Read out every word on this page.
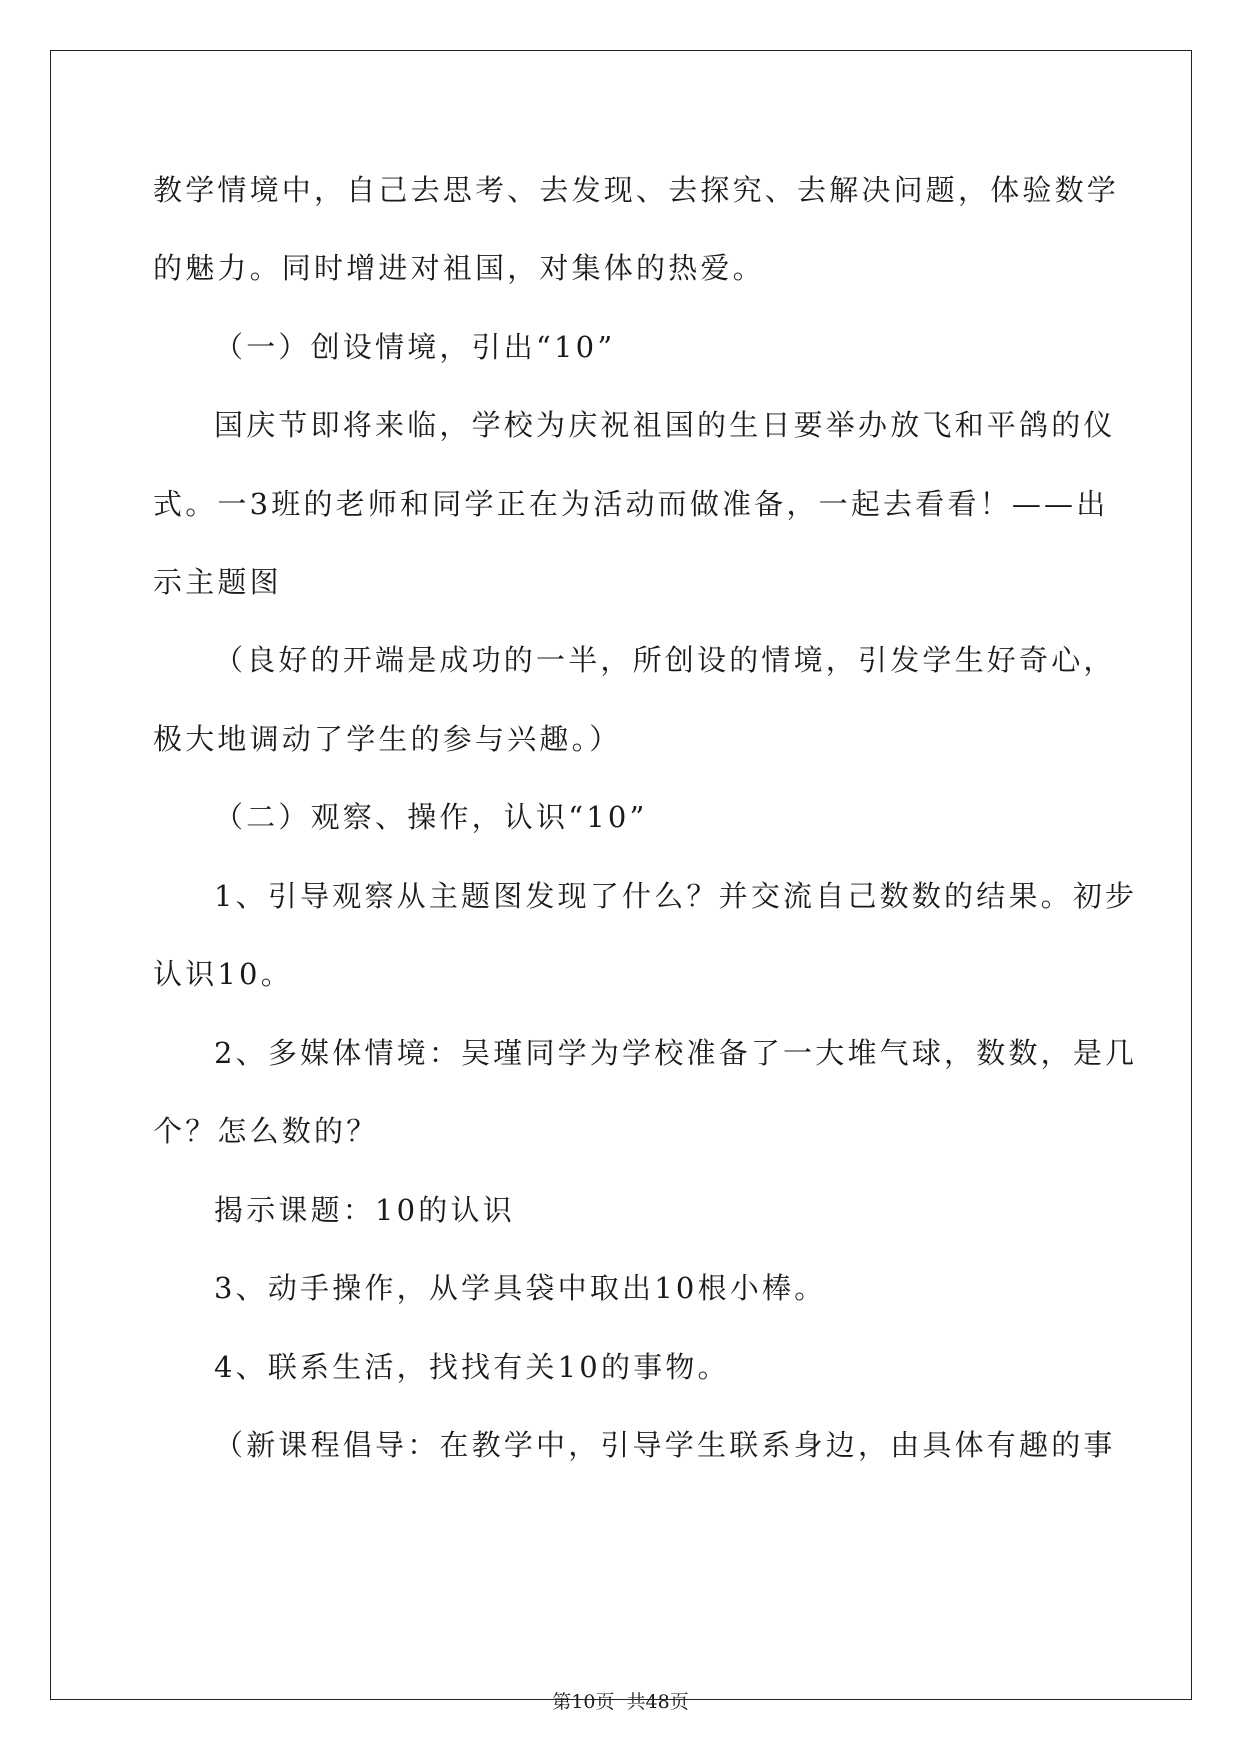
教学情境中，自己去思考、去发现、去探究、去解决问题，体验数学
的魅力。同时增进对祖国，对集体的热爱。
（一）创设情境，引出“10”
国庆节即将来临，学校为庆祝祖国的生日要举办放飞和平鸽的仪
式。一3班的老师和同学正在为活动而做准备，一起去看看！——出
示主题图
（良好的开端是成功的一半，所创设的情境，引发学生好奇心，
极大地调动了学生的参与兴趣。）
（二）观察、操作，认识“10”
1、引导观察从主题图发现了什么？并交流自己数数的结果。初步
认识10。
2、多媒体情境：吴瑾同学为学校准备了一大堆气球，数数，是几
个？怎么数的？
揭示课题：10的认识
3、动手操作，从学具袋中取出10根小棒。
4、联系生活，找找有关10的事物。
（新课程倡导：在教学中，引导学生联系身边，由具体有趣的事
第10页 共48页
